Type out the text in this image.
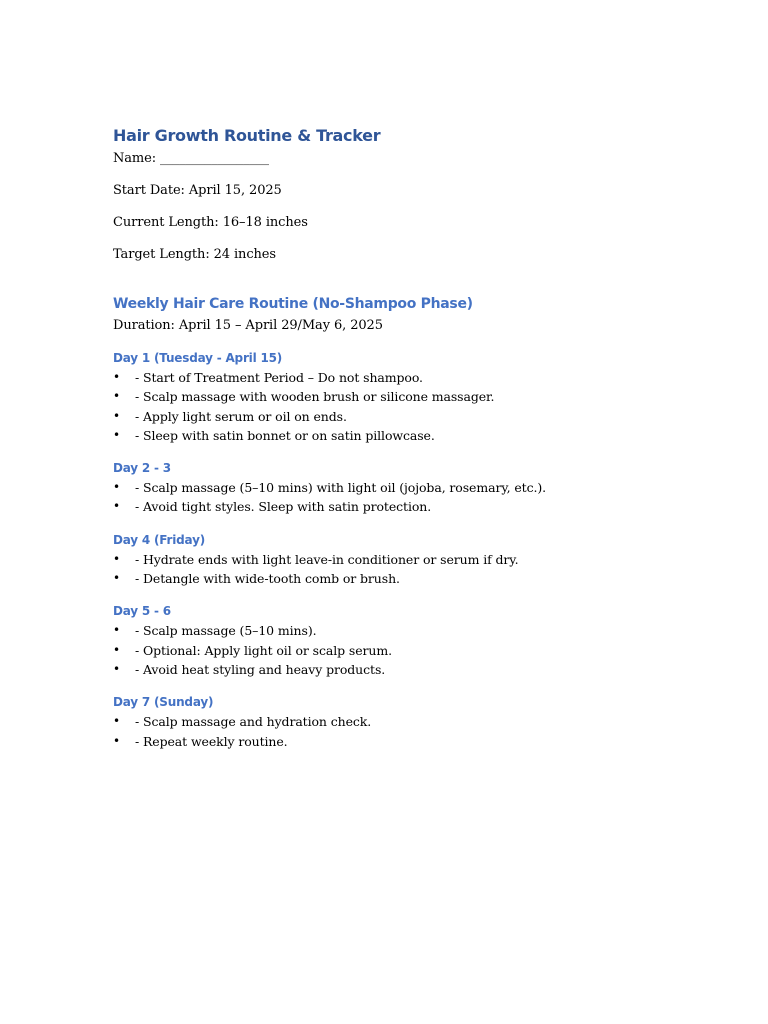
Hair Growth Routine & Tracker

Name: _________________

Start Date: April 15, 2025

Current Length: 16–18 inches

Target Length: 24 inches

Weekly Hair Care Routine (No-Shampoo Phase)

Duration: April 15 – April 29/May 6, 2025

Day 1 (Tuesday - April 15)
• - Start of Treatment Period – Do not shampoo.
• - Scalp massage with wooden brush or silicone massager.
• - Apply light serum or oil on ends.
• - Sleep with satin bonnet or on satin pillowcase.
Day 2 - 3
• - Scalp massage (5–10 mins) with light oil (jojoba, rosemary, etc.).
• - Avoid tight styles. Sleep with satin protection.
Day 4 (Friday)
• - Hydrate ends with light leave-in conditioner or serum if dry.
• - Detangle with wide-tooth comb or brush.
Day 5 - 6
• - Scalp massage (5–10 mins).
• - Optional: Apply light oil or scalp serum.
• - Avoid heat styling and heavy products.
Day 7 (Sunday)
• - Scalp massage and hydration check.
• - Repeat weekly routine.
